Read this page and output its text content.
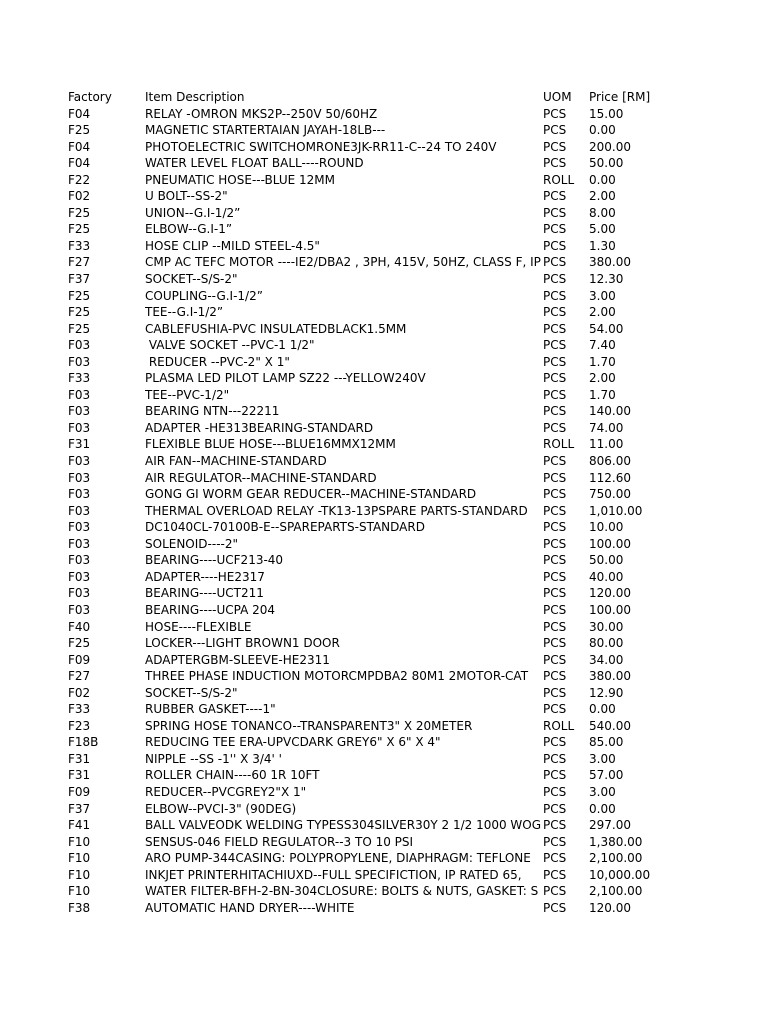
Factory	Item Description	UOM	Price [RM]
F04	RELAY -OMRON MKS2P--250V 50/60HZ	PCS	15.00
F25	MAGNETIC STARTERTAIAN JAYAH-18LB---	PCS	0.00
F04	PHOTOELECTRIC SWITCHOMRONE3JK-RR11-C--24 TO 240V	PCS	200.00
F04	WATER LEVEL FLOAT BALL----ROUND	PCS	50.00
F22	PNEUMATIC HOSE---BLUE 12MM	ROLL	0.00
F02	U BOLT--SS-2"	PCS	2.00
F25	UNION--G.I-1/2”	PCS	8.00
F25	ELBOW--G.I-1”	PCS	5.00
F33	HOSE CLIP --MILD STEEL-4.5"	PCS	1.30
F27	CMP AC TEFC MOTOR ----IE2/DBA2 , 3PH, 415V, 50HZ, CLASS F, IP PCS	380.00
F37	SOCKET--S/S-2"	PCS	12.30
F25	COUPLING--G.I-1/2”	PCS	3.00
F25	TEE--G.I-1/2”	PCS	2.00
F25	CABLEFUSHIA-PVC INSULATEDBLACK1.5MM	PCS	54.00
F03	VALVE SOCKET --PVC-1 1/2"	PCS	7.40
F03	REDUCER --PVC-2" X 1"	PCS	1.70
F33	PLASMA LED PILOT LAMP SZ22 ---YELLOW240V	PCS	2.00
F03	TEE--PVC-1/2"	PCS	1.70
F03	BEARING NTN---22211	PCS	140.00
F03	ADAPTER -HE313BEARING-STANDARD	PCS	74.00
F31	FLEXIBLE BLUE HOSE---BLUE16MMX12MM	ROLL	11.00
F03	AIR FAN--MACHINE-STANDARD	PCS	806.00
F03	AIR REGULATOR--MACHINE-STANDARD	PCS	112.60
F03	GONG GI WORM GEAR REDUCER--MACHINE-STANDARD	PCS	750.00
F03	THERMAL OVERLOAD RELAY -TK13-13PSPARE PARTS-STANDARD	PCS	1,010.00
F03	DC1040CL-70100B-E--SPAREPARTS-STANDARD	PCS	10.00
F03	SOLENOID----2"	PCS	100.00
F03	BEARING----UCF213-40	PCS	50.00
F03	ADAPTER----HE2317	PCS	40.00
F03	BEARING----UCT211	PCS	120.00
F03	BEARING----UCPA 204	PCS	100.00
F40	HOSE----FLEXIBLE	PCS	30.00
F25	LOCKER---LIGHT BROWN1 DOOR	PCS	80.00
F09	ADAPTERGBM-SLEEVE-HE2311	PCS	34.00
F27	THREE PHASE INDUCTION MOTORCMPDBA2 80M1 2MOTOR-CAT	PCS	380.00
F02	SOCKET--S/S-2"	PCS	12.90
F33	RUBBER GASKET----1"	PCS	0.00
F23	SPRING HOSE TONANCO--TRANSPARENT3" X 20METER	ROLL	540.00
F18B	REDUCING TEE ERA-UPVCDARK GREY6" X 6" X 4"	PCS	85.00
F31	NIPPLE --SS -1'' X 3/4' '	PCS	3.00
F31	ROLLER CHAIN----60 1R 10FT	PCS	57.00
F09	REDUCER--PVCGREY2"X 1"	PCS	3.00
F37	ELBOW--PVCI-3" (90DEG)	PCS	0.00
F41	BALL VALVEODK WELDING TYPESS304SILVER30Y 2 1/2 1000 WOG PCS	297.00
F10	SENSUS-046 FIELD REGULATOR--3 TO 10 PSI	PCS	1,380.00
F10	ARO PUMP-344CASING: POLYPROPYLENE, DIAPHRAGM: TEFLONE	PCS	2,100.00
F10	INKJET PRINTERHITACHIUXD--FULL SPECIFICTION, IP RATED 65,	PCS	10,000.00
F10	WATER FILTER-BFH-2-BN-304CLOSURE: BOLTS & NUTS, GASKET: S PCS	2,100.00
F38	AUTOMATIC HAND DRYER----WHITE	PCS	120.00
